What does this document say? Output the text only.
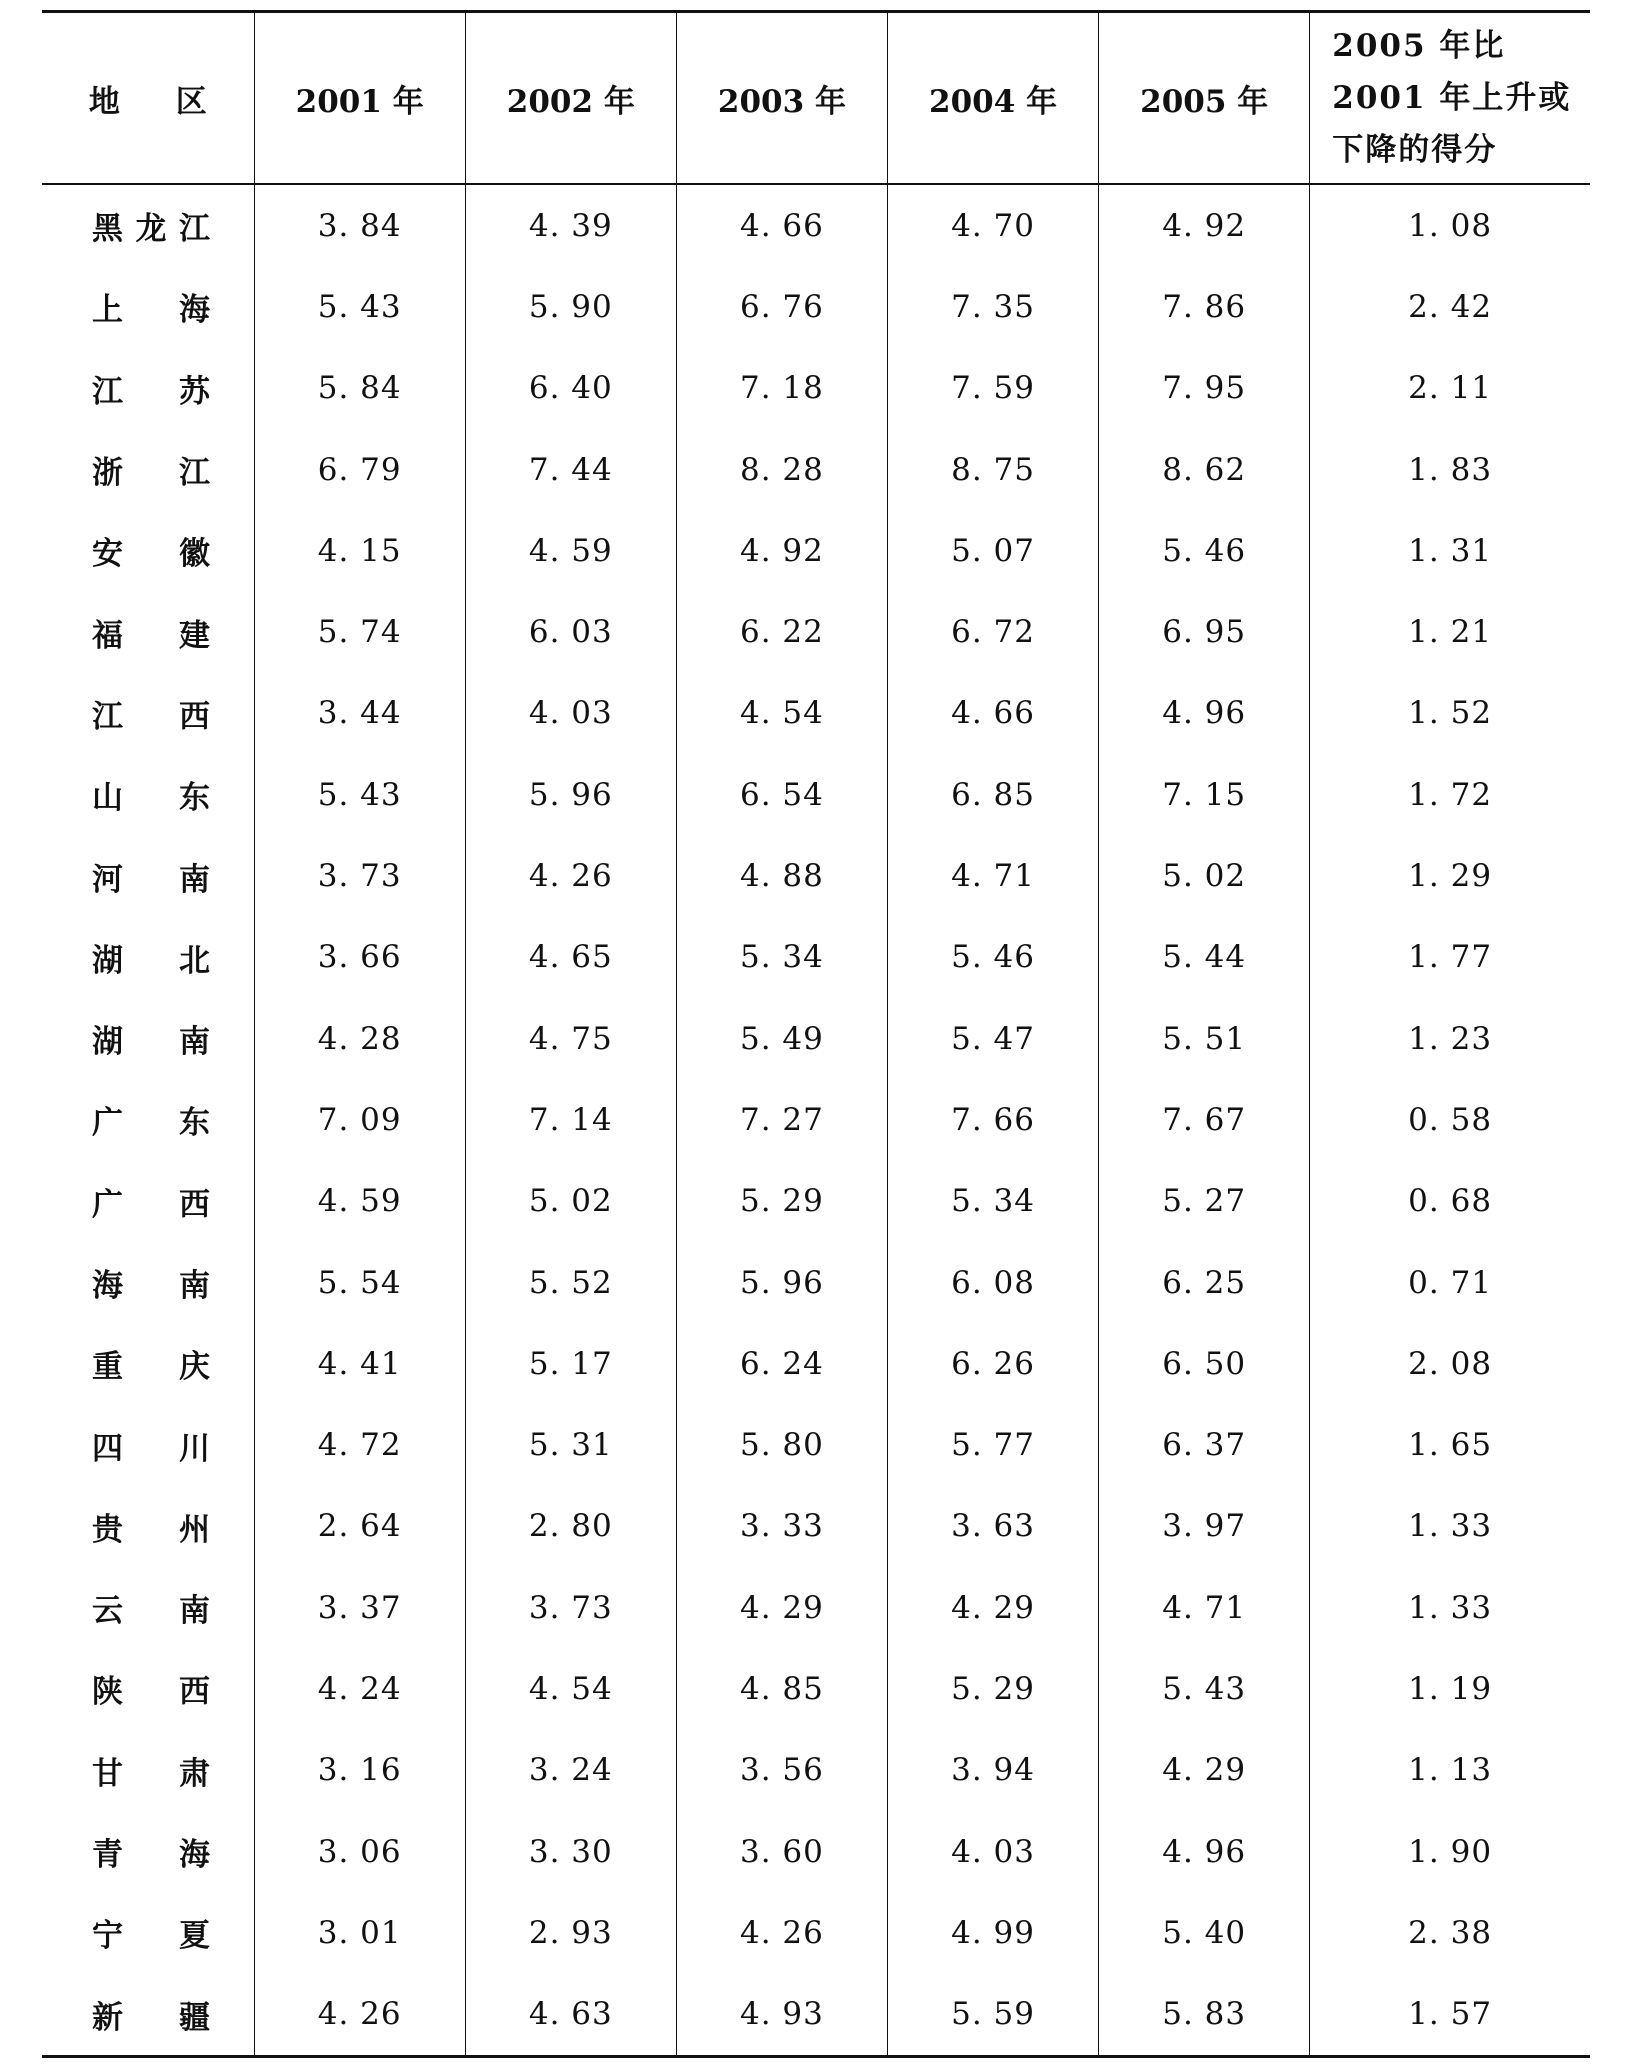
地　区	2001 年	2002 年	2003 年	2004 年	2005 年	2005 年比 2001 年上升或下降的得分
黑龙江	3. 84	4. 39	4. 66	4. 70	4. 92	1. 08
上　海	5. 43	5. 90	6. 76	7. 35	7. 86	2. 42
江　苏	5. 84	6. 40	7. 18	7. 59	7. 95	2. 11
浙　江	6. 79	7. 44	8. 28	8. 75	8. 62	1. 83
安　徽	4. 15	4. 59	4. 92	5. 07	5. 46	1. 31
福　建	5. 74	6. 03	6. 22	6. 72	6. 95	1. 21
江　西	3. 44	4. 03	4. 54	4. 66	4. 96	1. 52
山　东	5. 43	5. 96	6. 54	6. 85	7. 15	1. 72
河　南	3. 73	4. 26	4. 88	4. 71	5. 02	1. 29
湖　北	3. 66	4. 65	5. 34	5. 46	5. 44	1. 77
湖　南	4. 28	4. 75	5. 49	5. 47	5. 51	1. 23
广　东	7. 09	7. 14	7. 27	7. 66	7. 67	0. 58
广　西	4. 59	5. 02	5. 29	5. 34	5. 27	0. 68
海　南	5. 54	5. 52	5. 96	6. 08	6. 25	0. 71
重　庆	4. 41	5. 17	6. 24	6. 26	6. 50	2. 08
四　川	4. 72	5. 31	5. 80	5. 77	6. 37	1. 65
贵　州	2. 64	2. 80	3. 33	3. 63	3. 97	1. 33
云　南	3. 37	3. 73	4. 29	4. 29	4. 71	1. 33
陕　西	4. 24	4. 54	4. 85	5. 29	5. 43	1. 19
甘　肃	3. 16	3. 24	3. 56	3. 94	4. 29	1. 13
青　海	3. 06	3. 30	3. 60	4. 03	4. 96	1. 90
宁　夏	3. 01	2. 93	4. 26	4. 99	5. 40	2. 38
新　疆	4. 26	4. 63	4. 93	5. 59	5. 83	1. 57
